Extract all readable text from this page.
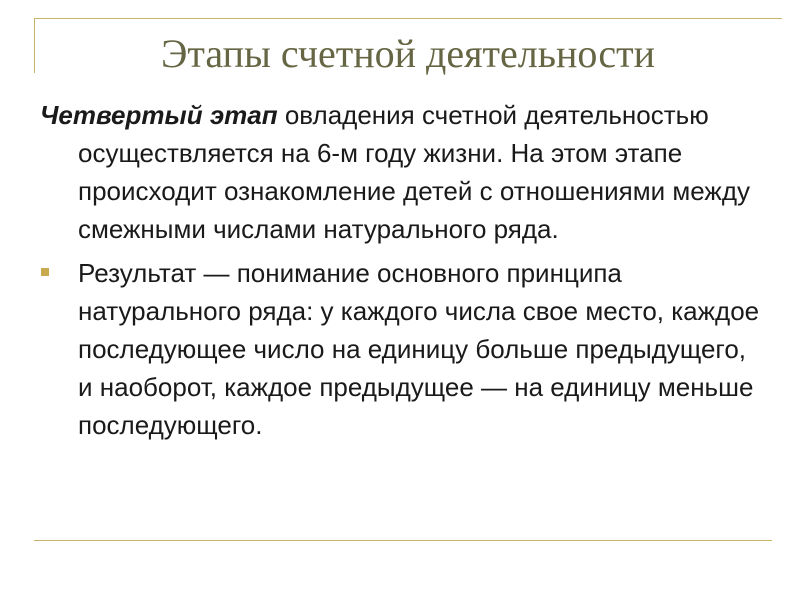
Этапы счетной деятельности

Четвертый этап овладения счетной деятельностью осуществляется на 6-м году жизни. На этом этапе происходит ознакомление детей с отношениями между смежными числами натурального ряда.

Результат — понимание основного принципа натурального ряда: у каждого числа свое место, каждое последующее число на единицу больше предыдущего, и наоборот, каждое предыдущее — на единицу меньше последующего.
